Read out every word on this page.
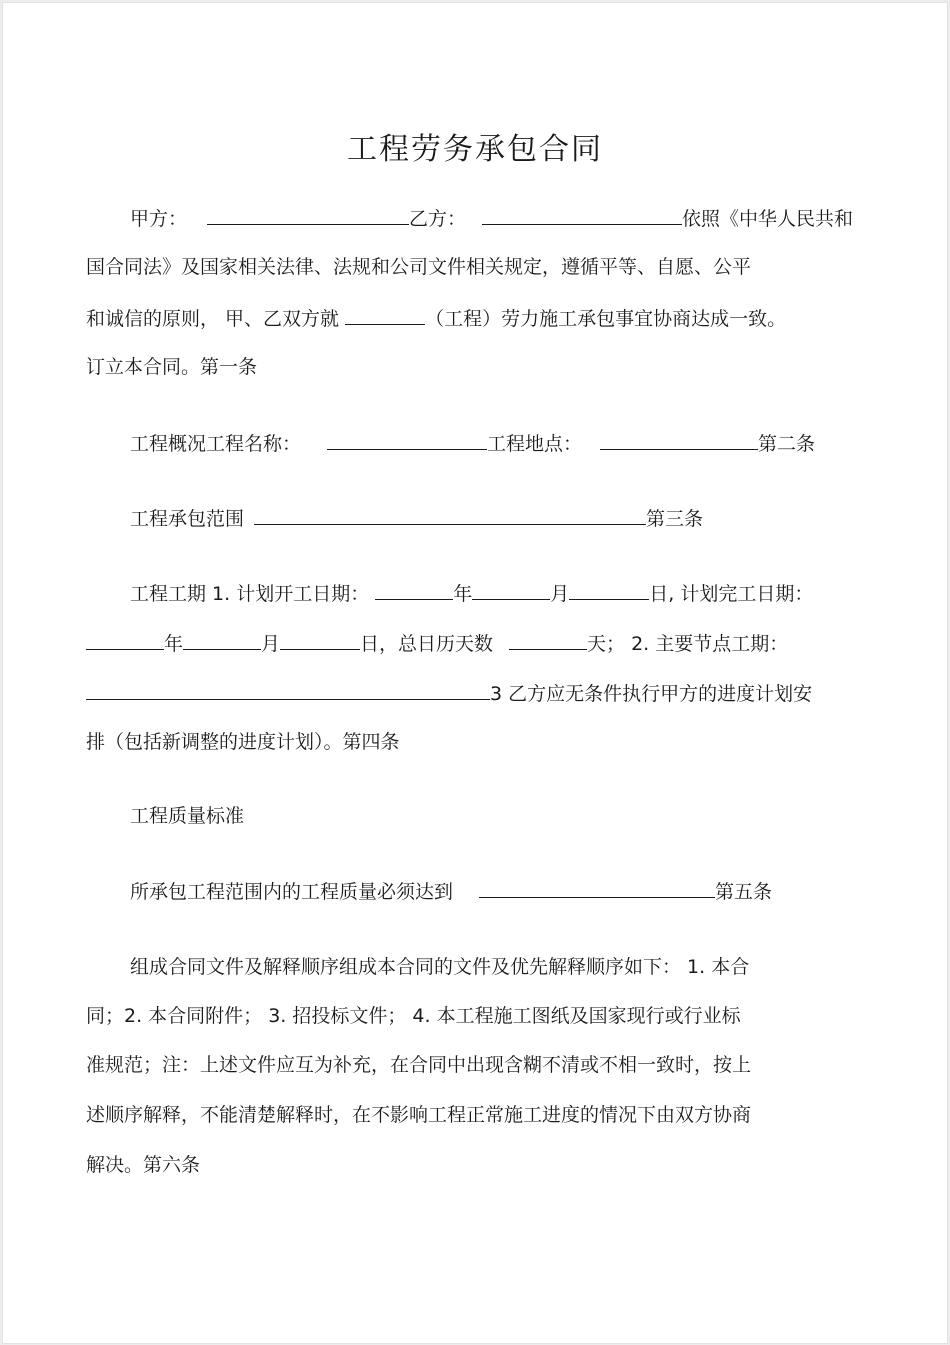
工程劳务承包合同
甲方：	乙方：	依照《中华人民共和
国合同法》及国家相关法律、法规和公司文件相关规定，遵循平等、自愿、公平
和诚信的原则， 甲、乙双方就	（工程）劳力施工承包事宜协商达成一致。
订立本合同。第一条
工程概况工程名称：	工程地点：	第二条
工程承包范围	第三条
工程工期 1. 计划开工日期：	年	月	日, 计划完工日期：
年	月	日，总日历天数	天； 2. 主要节点工期：
3 乙方应无条件执行甲方的进度计划安
排（包括新调整的进度计划）。第四条
工程质量标准
所承包工程范围内的工程质量必须达到	第五条
组成合同文件及解释顺序组成本合同的文件及优先解释顺序如下： 1. 本合
同；2. 本合同附件； 3. 招投标文件； 4. 本工程施工图纸及国家现行或行业标
准规范；注：上述文件应互为补充，在合同中出现含糊不清或不相一致时，按上
述顺序解释，不能清楚解释时，在不影响工程正常施工进度的情况下由双方协商
解决。第六条
